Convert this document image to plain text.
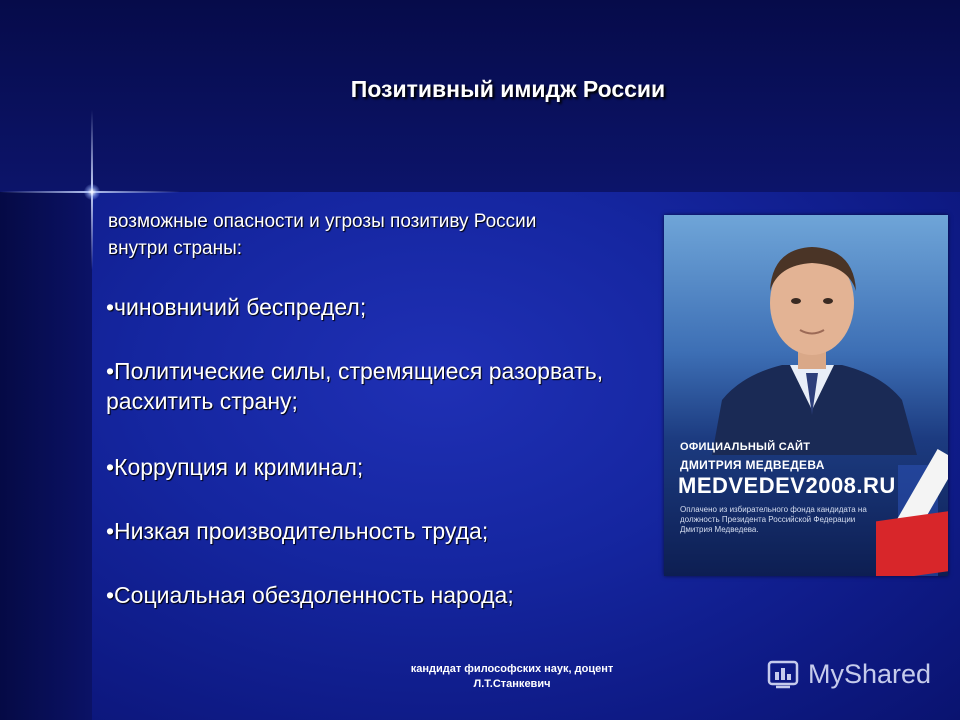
Позитивный имидж России
возможные опасности и угрозы позитиву России
внутри страны:
•чиновничий беспредел;
•Политические силы, стремящиеся разорвать, расхитить страну;
•Коррупция и криминал;
•Низкая производительность труда;
•Социальная обездоленность народа;
ОФИЦИАЛЬНЫЙ САЙТ
ДМИТРИЯ МЕДВЕДЕВА
MEDVEDEV2008.RU
Оплачено из избирательного фонда кандидата на должность Президента Российской Федерации Дмитрия Медведева.
кандидат философских наук, доцент
Л.Т.Станкевич	MyShared
